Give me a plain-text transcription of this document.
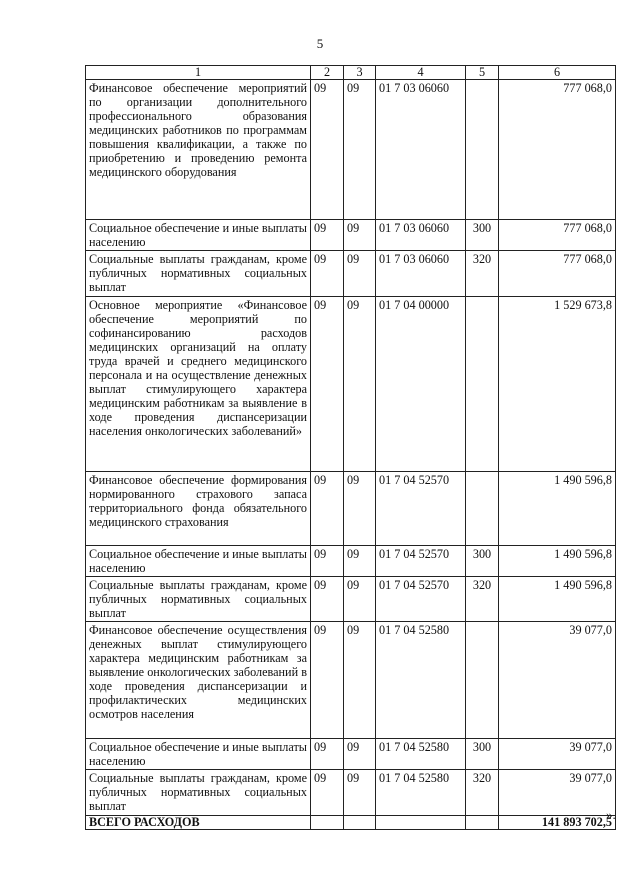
5
1	2	3	4	5	6
Финансовое обеспечение мероприятий по организации дополнительного профессионального образования медицинских работников по программам повышения квалификации, а также по приобретению и проведению ремонта медицинского оборудования	09	09	01 7 03 06060		777 068,0
Социальное обеспечение и иные выплаты населению	09	09	01 7 03 06060	300	777 068,0
Социальные выплаты гражданам, кроме публичных нормативных социальных выплат	09	09	01 7 03 06060	320	777 068,0
Основное мероприятие «Финансовое обеспечение мероприятий по софинансированию расходов медицинских организаций на оплату труда врачей и среднего медицинского персонала и на осуществление денежных выплат стимулирующего характера медицинским работникам за выявление в ходе проведения диспансеризации населения онкологических заболеваний»	09	09	01 7 04 00000		1 529 673,8
Финансовое обеспечение формирования нормированного страхового запаса территориального фонда обязательного медицинского страхования	09	09	01 7 04 52570		1 490 596,8
Социальное обеспечение и иные выплаты населению	09	09	01 7 04 52570	300	1 490 596,8
Социальные выплаты гражданам, кроме публичных нормативных социальных выплат	09	09	01 7 04 52570	320	1 490 596,8
Финансовое обеспечение осуществления денежных выплат стимулирующего характера медицинским работникам за выявление онкологических заболеваний в ходе проведения диспансеризации и профилактических медицинских осмотров населения	09	09	01 7 04 52580		39 077,0
Социальное обеспечение и иные выплаты населению	09	09	01 7 04 52580	300	39 077,0
Социальные выплаты гражданам, кроме публичных нормативных социальных выплат	09	09	01 7 04 52580	320	39 077,0
ВСЕГО РАСХОДОВ					141 893 702,5
».
